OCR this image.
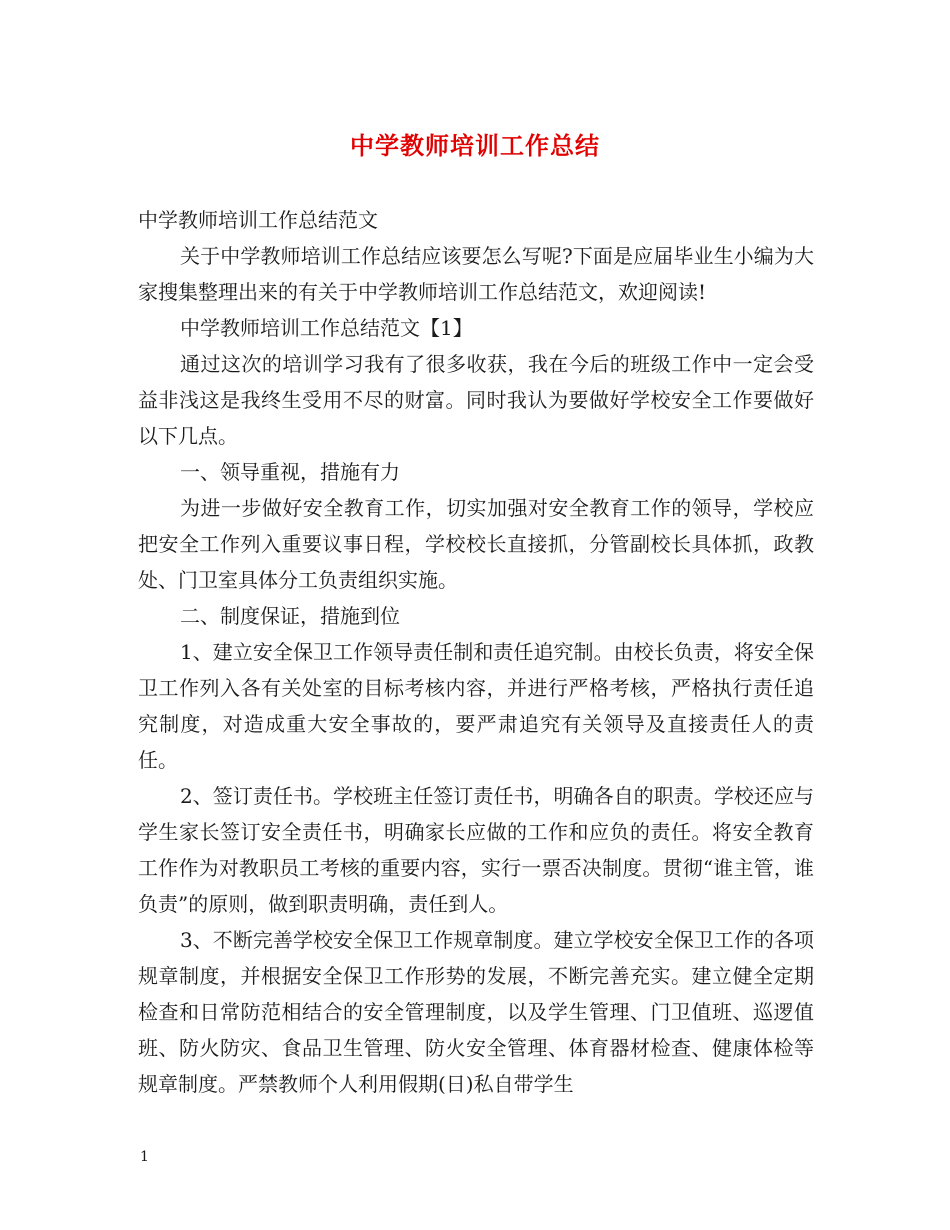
中学教师培训工作总结

中学教师培训工作总结范文

关于中学教师培训工作总结应该要怎么写呢?下面是应届毕业生小编为大家搜集整理出来的有关于中学教师培训工作总结范文，欢迎阅读!

中学教师培训工作总结范文【1】

通过这次的培训学习我有了很多收获，我在今后的班级工作中一定会受益非浅这是我终生受用不尽的财富。同时我认为要做好学校安全工作要做好以下几点。

一、领导重视，措施有力

为进一步做好安全教育工作，切实加强对安全教育工作的领导，学校应把安全工作列入重要议事日程，学校校长直接抓，分管副校长具体抓，政教处、门卫室具体分工负责组织实施。

二、制度保证，措施到位

1、建立安全保卫工作领导责任制和责任追究制。由校长负责，将安全保卫工作列入各有关处室的目标考核内容，并进行严格考核，严格执行责任追究制度，对造成重大安全事故的，要严肃追究有关领导及直接责任人的责任。

2、签订责任书。学校班主任签订责任书，明确各自的职责。学校还应与学生家长签订安全责任书，明确家长应做的工作和应负的责任。将安全教育工作作为对教职员工考核的重要内容，实行一票否决制度。贯彻“谁主管，谁负责”的原则，做到职责明确，责任到人。

3、不断完善学校安全保卫工作规章制度。建立学校安全保卫工作的各项规章制度，并根据安全保卫工作形势的发展，不断完善充实。建立健全定期检查和日常防范相结合的安全管理制度，以及学生管理、门卫值班、巡逻值班、防火防灾、食品卫生管理、防火安全管理、体育器材检查、健康体检等规章制度。严禁教师个人利用假期(日)私自带学生

1
